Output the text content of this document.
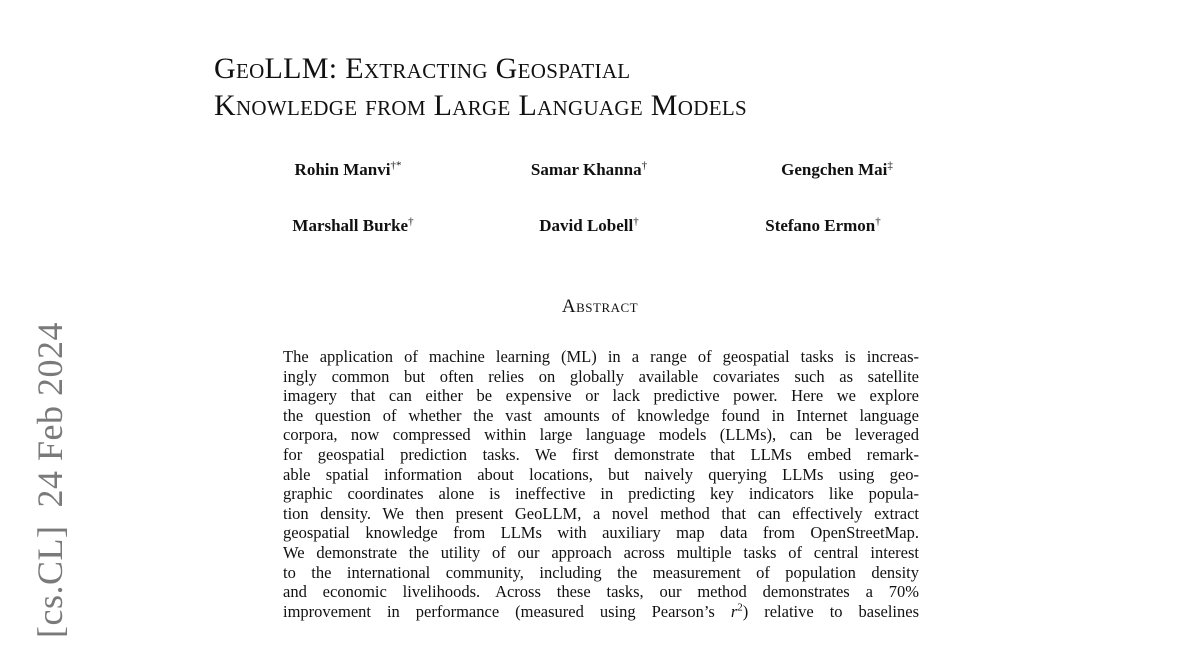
[cs.CL]24 Feb 2024
GeoLLM: Extracting Geospatial
Knowledge from Large Language Models
Rohin Manvi†*	Samar Khanna†	Gengchen Mai‡
Marshall Burke†	David Lobell†	Stefano Ermon†
Abstract
The application of machine learning (ML) in a range of geospatial tasks is increas-
ingly common but often relies on globally available covariates such as satellite
imagery that can either be expensive or lack predictive power. Here we explore
the question of whether the vast amounts of knowledge found in Internet language
corpora, now compressed within large language models (LLMs), can be leveraged
for geospatial prediction tasks. We first demonstrate that LLMs embed remark-
able spatial information about locations, but naively querying LLMs using geo-
graphic coordinates alone is ineffective in predicting key indicators like popula-
tion density. We then present GeoLLM, a novel method that can effectively extract
geospatial knowledge from LLMs with auxiliary map data from OpenStreetMap.
We demonstrate the utility of our approach across multiple tasks of central interest
to the international community, including the measurement of population density
and economic livelihoods. Across these tasks, our method demonstrates a 70%
improvement in performance (measured using Pearson’s $r^2$) relative to baselines
